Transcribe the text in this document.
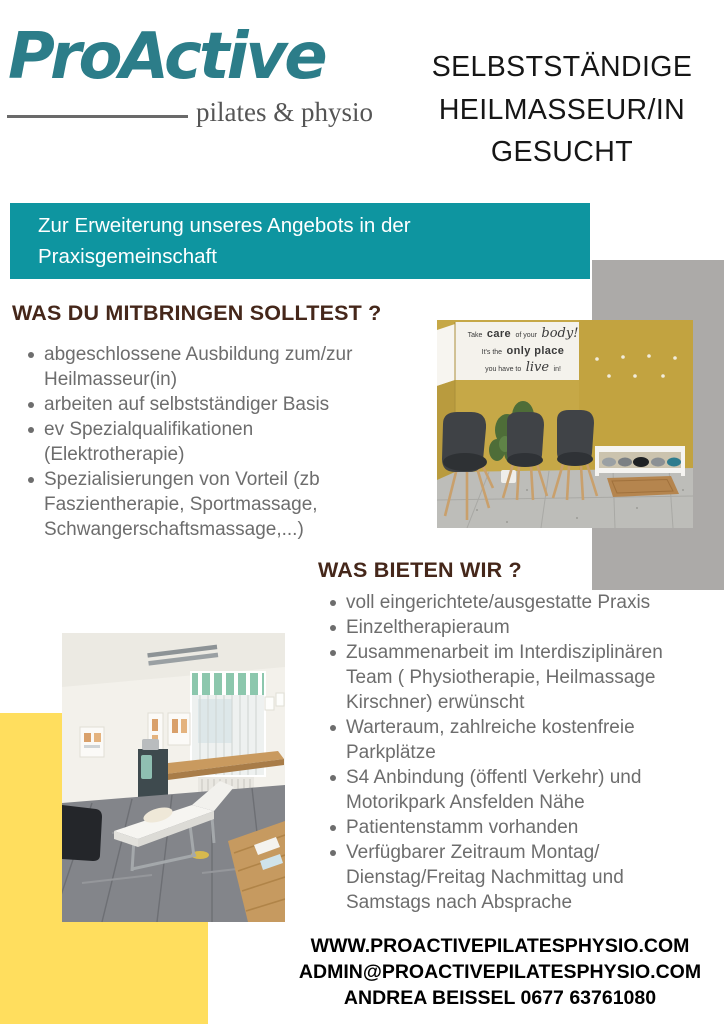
ProActive
pilates & physio
SELBSTSTÄNDIGE
HEILMASSEUR/IN
GESUCHT
Zur Erweiterung unseres Angebots in der Praxisgemeinschaft
suchen wir in Ansfe eine(n) freiberuflichen Heilmasseur(in) !
WAS DU MITBRINGEN SOLLTEST ?
abgeschlossene Ausbildung zum/zur Heilmasseur(in)
arbeiten auf selbstständiger Basis
ev Spezialqualifikationen (Elektrotherapie)
Spezialisierungen von Vorteil (zb Faszientherapie, Sportmassage, Schwangerschaftsmassage,...)
Take care of your body!
It's the only place
you have to live in!
WAS BIETEN WIR ?
voll eingerichtete/ausgestatte Praxis
Einzeltherapieraum
Zusammenarbeit im Interdisziplinären Team ( Physiotherapie, Heilmassage Kirschner) erwünscht
Warteraum, zahlreiche kostenfreie Parkplätze
S4 Anbindung (öffentl Verkehr) und Motorikpark Ansfelden Nähe
Patientenstamm vorhanden
Verfügbarer Zeitraum Montag/ Dienstag/Freitag Nachmittag und Samstags nach Absprache
WWW.PROACTIVEPILATESPHYSIO.COM
ADMIN@PROACTIVEPILATESPHYSIO.COM
ANDREA BEISSEL 0677 63761080
